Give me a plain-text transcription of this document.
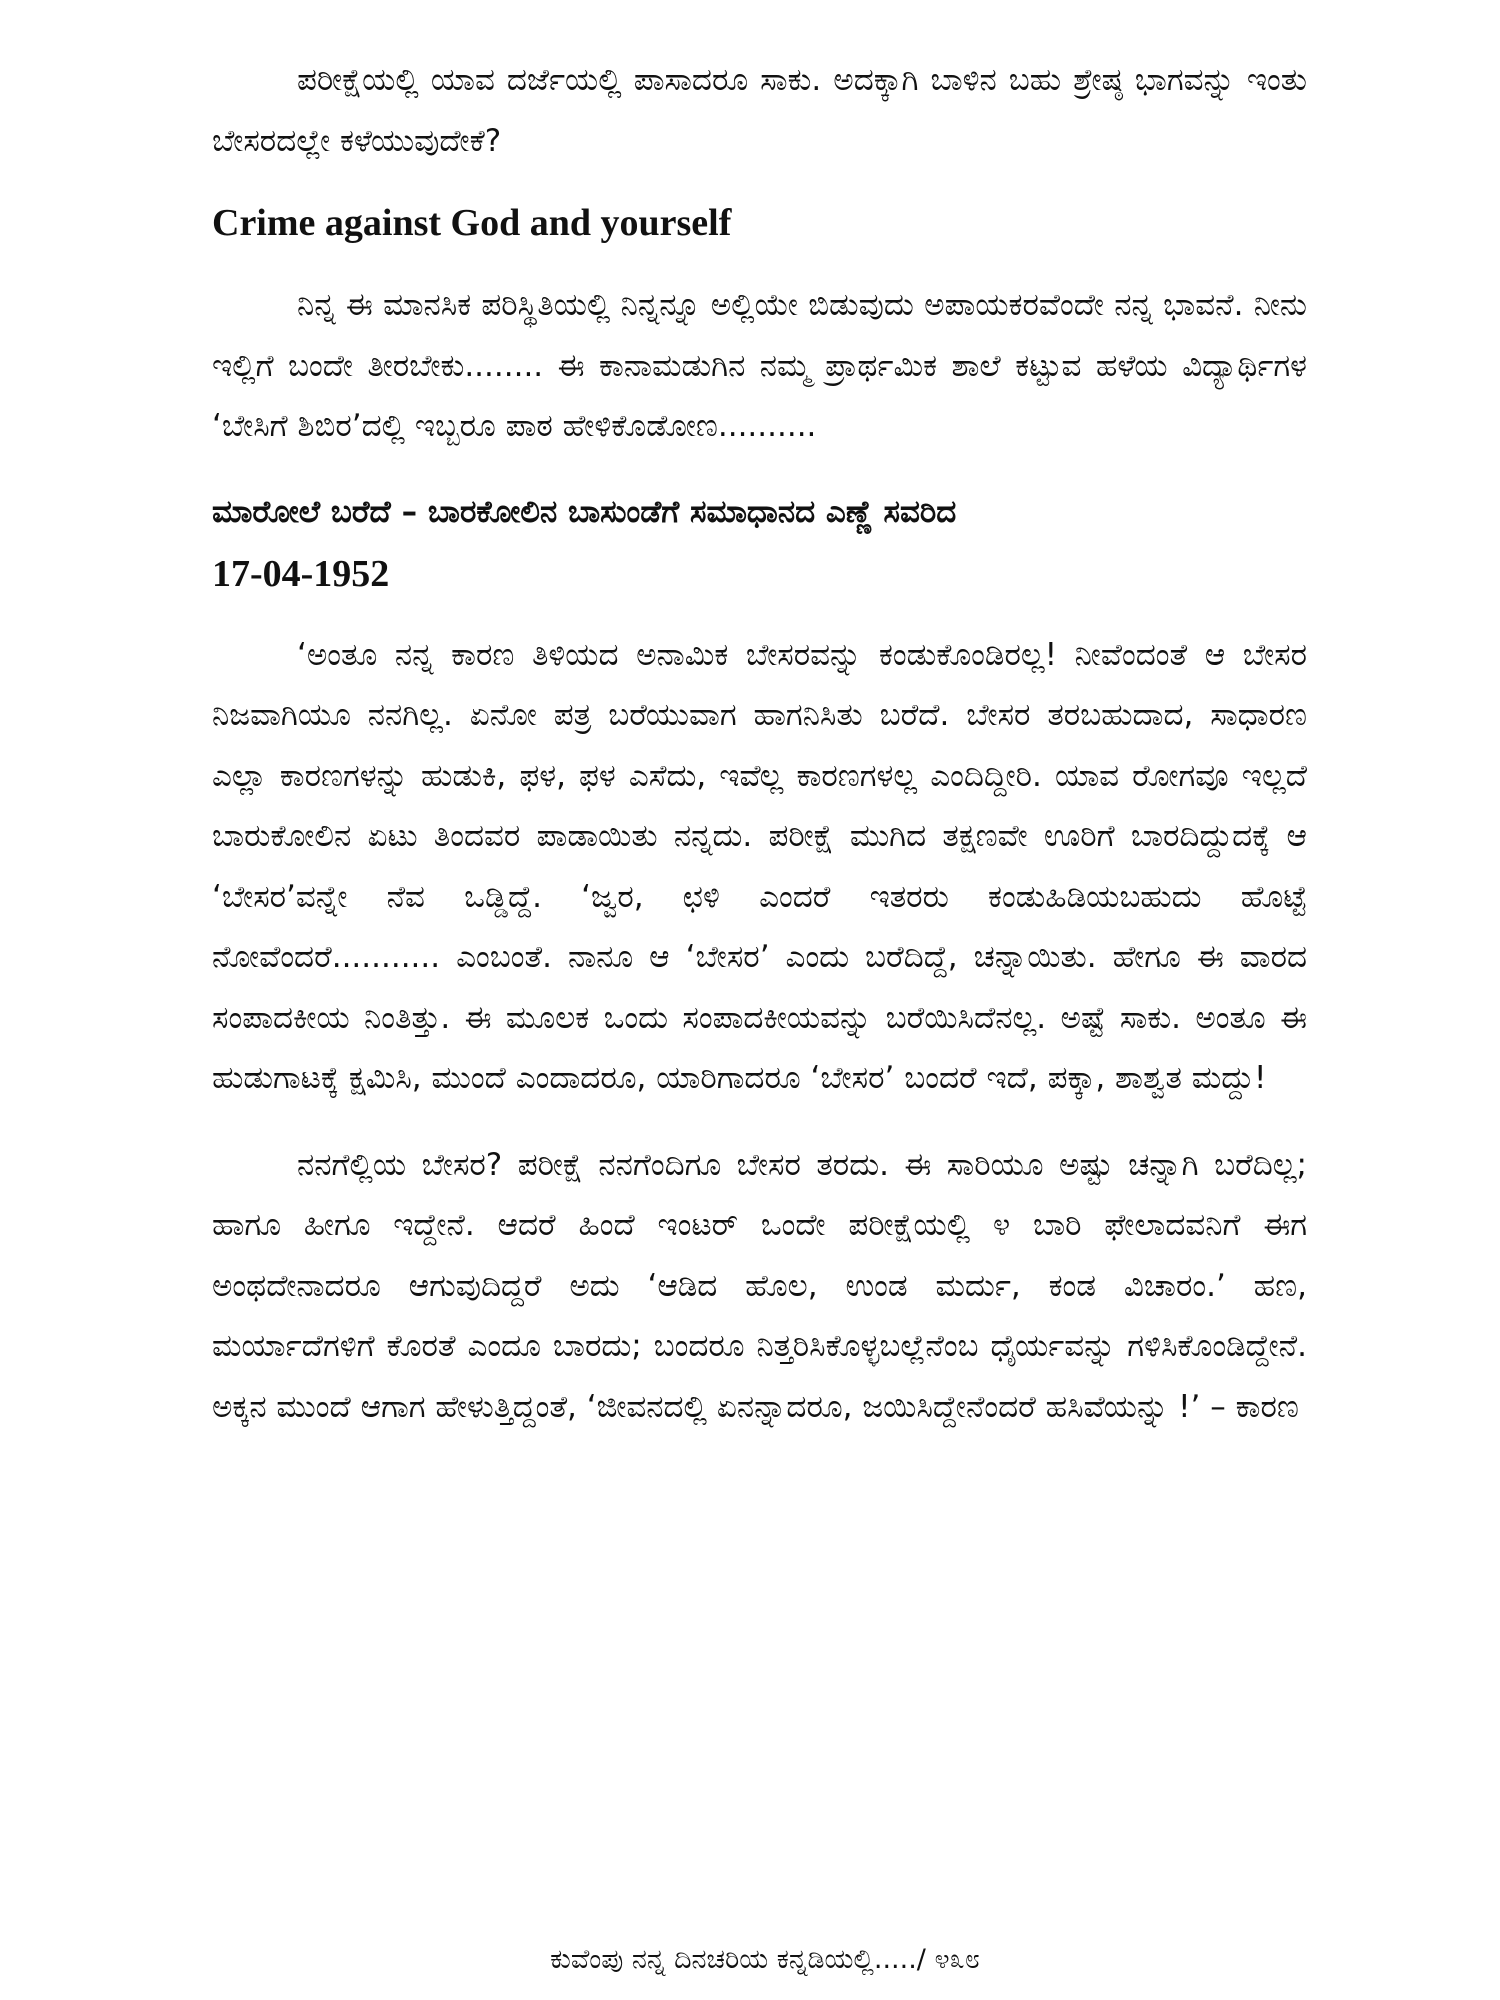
ಪರೀಕ್ಷೆಯಲ್ಲಿ ಯಾವ ದರ್ಜೆಯಲ್ಲಿ ಪಾಸಾದರೂ ಸಾಕು. ಅದಕ್ಕಾಗಿ ಬಾಳಿನ ಬಹು ಶ್ರೇಷ್ಠ ಭಾಗವನ್ನು ಇಂತು ಬೇಸರದಲ್ಲೇ ಕಳೆಯುವುದೇಕೆ?

Crime against God and yourself

ನಿನ್ನ ಈ ಮಾನಸಿಕ ಪರಿಸ್ಥಿತಿಯಲ್ಲಿ ನಿನ್ನನ್ನೂ ಅಲ್ಲಿಯೇ ಬಿಡುವುದು ಅಪಾಯಕರವೆಂದೇ ನನ್ನ ಭಾವನೆ. ನೀನು ಇಲ್ಲಿಗೆ ಬಂದೇ ತೀರಬೇಕು........ ಈ ಕಾನಾಮಡುಗಿನ ನಮ್ಮ ಪ್ರಾರ್ಥಮಿಕ ಶಾಲೆ ಕಟ್ಟುವ ಹಳೆಯ ವಿದ್ಯಾರ್ಥಿಗಳ ‘ಬೇಸಿಗೆ ಶಿಬಿರ’ದಲ್ಲಿ ಇಬ್ಬರೂ ಪಾಠ ಹೇಳಿಕೊಡೋಣ..........

ಮಾರೋಲೆ ಬರೆದೆ – ಬಾರಕೋಲಿನ ಬಾಸುಂಡೆಗೆ ಸಮಾಧಾನದ ಎಣ್ಣೆ ಸವರಿದ
17-04-1952

‘ಅಂತೂ ನನ್ನ ಕಾರಣ ತಿಳಿಯದ ಅನಾಮಿಕ ಬೇಸರವನ್ನು ಕಂಡುಕೊಂಡಿರಲ್ಲ! ನೀವೆಂದಂತೆ ಆ ಬೇಸರ ನಿಜವಾಗಿಯೂ ನನಗಿಲ್ಲ. ಏನೋ ಪತ್ರ ಬರೆಯುವಾಗ ಹಾಗನಿಸಿತು ಬರೆದೆ. ಬೇಸರ ತರಬಹುದಾದ, ಸಾಧಾರಣ ಎಲ್ಲಾ ಕಾರಣಗಳನ್ನು ಹುಡುಕಿ, ಫಳ, ಫಳ ಎಸೆದು, ಇವೆಲ್ಲ ಕಾರಣಗಳಲ್ಲ ಎಂದಿದ್ದೀರಿ. ಯಾವ ರೋಗವೂ ಇಲ್ಲದೆ ಬಾರುಕೋಲಿನ ಏಟು ತಿಂದವರ ಪಾಡಾಯಿತು ನನ್ನದು. ಪರೀಕ್ಷೆ ಮುಗಿದ ತಕ್ಷಣವೇ ಊರಿಗೆ ಬಾರದಿದ್ದುದಕ್ಕೆ ಆ ‘ಬೇಸರ’ವನ್ನೇ ನೆವ ಒಡ್ಡಿದ್ದೆ. ‘ಜ್ವರ, ಛಳಿ ಎಂದರೆ ಇತರರು ಕಂಡುಹಿಡಿಯಬಹುದು ಹೊಟ್ಟೆ ನೋವೆಂದರೆ........... ಎಂಬಂತೆ. ನಾನೂ ಆ ‘ಬೇಸರ’ ಎಂದು ಬರೆದಿದ್ದೆ, ಚನ್ನಾಯಿತು. ಹೇಗೂ ಈ ವಾರದ ಸಂಪಾದಕೀಯ ನಿಂತಿತ್ತು. ಈ ಮೂಲಕ ಒಂದು ಸಂಪಾದಕೀಯವನ್ನು ಬರೆಯಿಸಿದೆನಲ್ಲ. ಅಷ್ಟೆ ಸಾಕು. ಅಂತೂ ಈ ಹುಡುಗಾಟಕ್ಕೆ ಕ್ಷಮಿಸಿ, ಮುಂದೆ ಎಂದಾದರೂ, ಯಾರಿಗಾದರೂ ‘ಬೇಸರ’ ಬಂದರೆ ಇದೆ, ಪಕ್ಕಾ, ಶಾಶ್ವತ ಮದ್ದು!

ನನಗೆಲ್ಲಿಯ ಬೇಸರ? ಪರೀಕ್ಷೆ ನನಗೆಂದಿಗೂ ಬೇಸರ ತರದು. ಈ ಸಾರಿಯೂ ಅಷ್ಟು ಚನ್ನಾಗಿ ಬರೆದಿಲ್ಲ; ಹಾಗೂ ಹೀಗೂ ಇದ್ದೇನೆ. ಆದರೆ ಹಿಂದೆ ಇಂಟರ್ ಒಂದೇ ಪರೀಕ್ಷೆಯಲ್ಲಿ ೪ ಬಾರಿ ಫೇಲಾದವನಿಗೆ ಈಗ ಅಂಥದೇನಾದರೂ ಆಗುವುದಿದ್ದರೆ ಅದು ‘ಆಡಿದ ಹೊಲ, ಉಂಡ ಮರ್ದು, ಕಂಡ ವಿಚಾರಂ.’ ಹಣ, ಮರ್ಯಾದೆಗಳಿಗೆ ಕೊರತೆ ಎಂದೂ ಬಾರದು; ಬಂದರೂ ನಿತ್ತರಿಸಿಕೊಳ್ಳಬಲ್ಲೆನೆಂಬ ಧೈರ್ಯವನ್ನು ಗಳಿಸಿಕೊಂಡಿದ್ದೇನೆ. ಅಕ್ಕನ ಮುಂದೆ ಆಗಾಗ ಹೇಳುತ್ತಿದ್ದಂತೆ, ‘ಜೀವನದಲ್ಲಿ ಏನನ್ನಾದರೂ, ಜಯಿಸಿದ್ದೇನೆಂದರೆ ಹಸಿವೆಯನ್ನು !’ – ಕಾರಣ

ಕುವೆಂಪು ನನ್ನ ದಿನಚರಿಯ ಕನ್ನಡಿಯಲ್ಲಿ...../ ೪೩೮
